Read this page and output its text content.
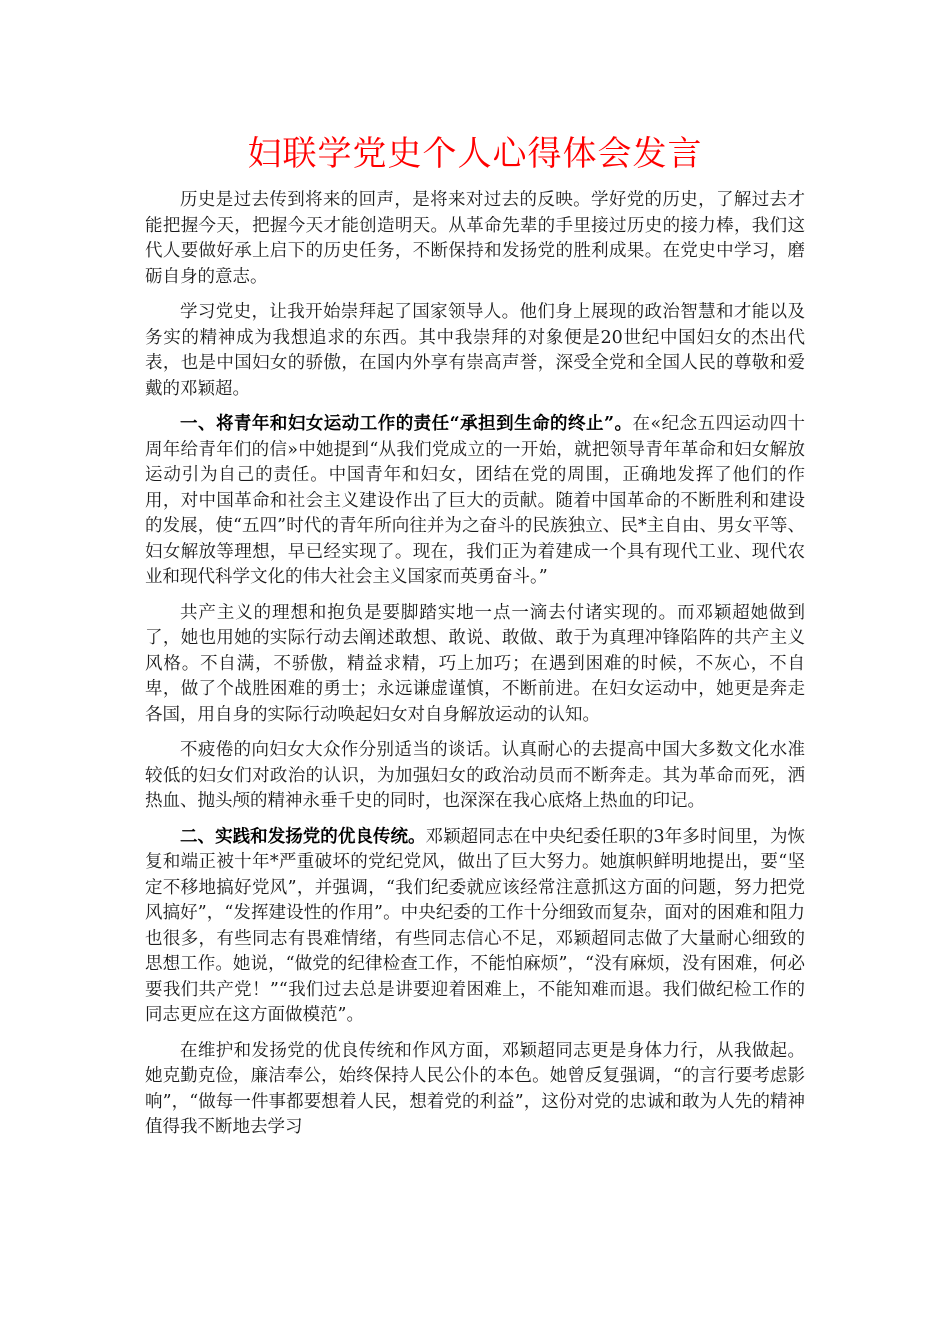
妇联学党史个人心得体会发言

历史是过去传到将来的回声，是将来对过去的反映。学好党的历史，了解过去才能把握今天，把握今天才能创造明天。从革命先辈的手里接过历史的接力棒，我们这代人要做好承上启下的历史任务，不断保持和发扬党的胜利成果。在党史中学习，磨砺自身的意志。

学习党史，让我开始崇拜起了国家领导人。他们身上展现的政治智慧和才能以及务实的精神成为我想追求的东西。其中我崇拜的对象便是20世纪中国妇女的杰出代表，也是中国妇女的骄傲，在国内外享有崇高声誉，深受全党和全国人民的尊敬和爱戴的邓颖超。

一、将青年和妇女运动工作的责任“承担到生命的终止”。在«纪念五四运动四十周年给青年们的信»中她提到“从我们党成立的一开始，就把领导青年革命和妇女解放运动引为自己的责任。中国青年和妇女，团结在党的周围，正确地发挥了他们的作用，对中国革命和社会主义建设作出了巨大的贡献。随着中国革命的不断胜利和建设的发展，使“五四”时代的青年所向往并为之奋斗的民族独立、民*主自由、男女平等、妇女解放等理想，早已经实现了。现在，我们正为着建成一个具有现代工业、现代农业和现代科学文化的伟大社会主义国家而英勇奋斗。”

共产主义的理想和抱负是要脚踏实地一点一滴去付诸实现的。而邓颖超她做到了，她也用她的实际行动去阐述敢想、敢说、敢做、敢于为真理冲锋陷阵的共产主义风格。不自满，不骄傲，精益求精，巧上加巧；在遇到困难的时候，不灰心，不自卑，做了个战胜困难的勇士；永远谦虚谨慎，不断前进。在妇女运动中，她更是奔走各国，用自身的实际行动唤起妇女对自身解放运动的认知。

不疲倦的向妇女大众作分别适当的谈话。认真耐心的去提高中国大多数文化水准较低的妇女们对政治的认识，为加强妇女的政治动员而不断奔走。其为革命而死，洒热血、抛头颅的精神永垂千史的同时，也深深在我心底烙上热血的印记。

二、实践和发扬党的优良传统。邓颖超同志在中央纪委任职的3年多时间里，为恢复和端正被十年*严重破坏的党纪党风，做出了巨大努力。她旗帜鲜明地提出，要“坚定不移地搞好党风”，并强调，“我们纪委就应该经常注意抓这方面的问题，努力把党风搞好”，“发挥建设性的作用”。中央纪委的工作十分细致而复杂，面对的困难和阻力也很多，有些同志有畏难情绪，有些同志信心不足，邓颖超同志做了大量耐心细致的思想工作。她说，“做党的纪律检查工作，不能怕麻烦”，“没有麻烦，没有困难，何必要我们共产党！”“我们过去总是讲要迎着困难上，不能知难而退。我们做纪检工作的同志更应在这方面做模范”。

在维护和发扬党的优良传统和作风方面，邓颖超同志更是身体力行，从我做起。她克勤克俭，廉洁奉公，始终保持人民公仆的本色。她曾反复强调，“的言行要考虑影响”，“做每一件事都要想着人民，想着党的利益”，这份对党的忠诚和敢为人先的精神值得我不断地去学习
